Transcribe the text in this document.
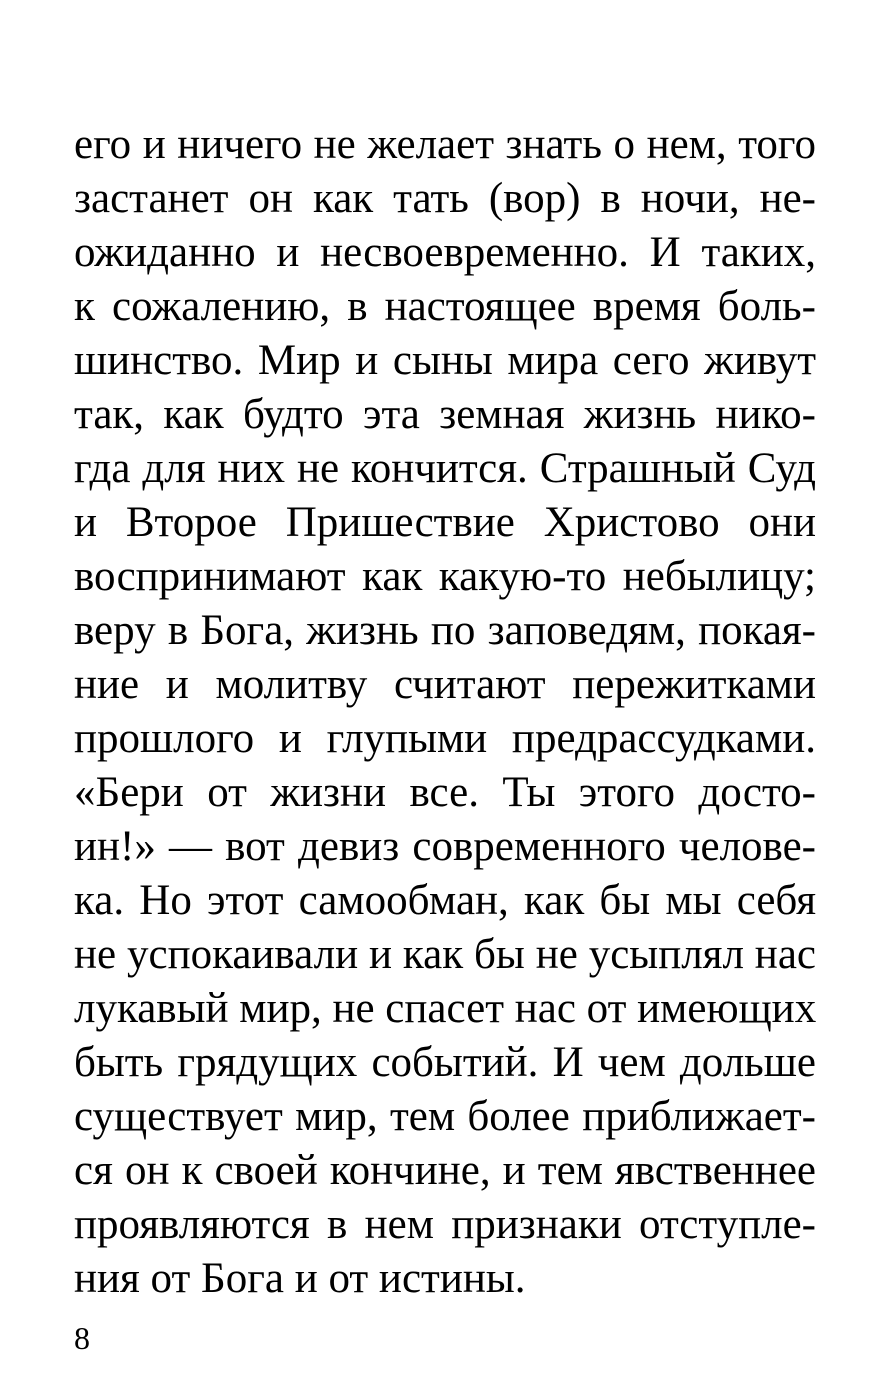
его и ничего не желает знать о нем, того
застанет он как тать (вор) в ночи, не-
ожиданно и несвоевременно. И таких,
к сожалению, в настоящее время боль-
шинство. Мир и сыны мира сего живут
так, как будто эта земная жизнь нико-
гда для них не кончится. Страшный Суд
и Второе Пришествие Христово они
воспринимают как какую-то небылицу;
веру в Бога, жизнь по заповедям, покая-
ние и молитву считают пережитками
прошлого и глупыми предрассудками.
«Бери от жизни все. Ты этого досто-
ин!» — вот девиз современного челове-
ка. Но этот самообман, как бы мы себя
не успокаивали и как бы не усыплял нас
лукавый мир, не спасет нас от имеющих
быть грядущих событий. И чем дольше
существует мир, тем более приближает-
ся он к своей кончине, и тем явственнее
проявляются в нем признаки отступле-
ния от Бога и от истины.
8
